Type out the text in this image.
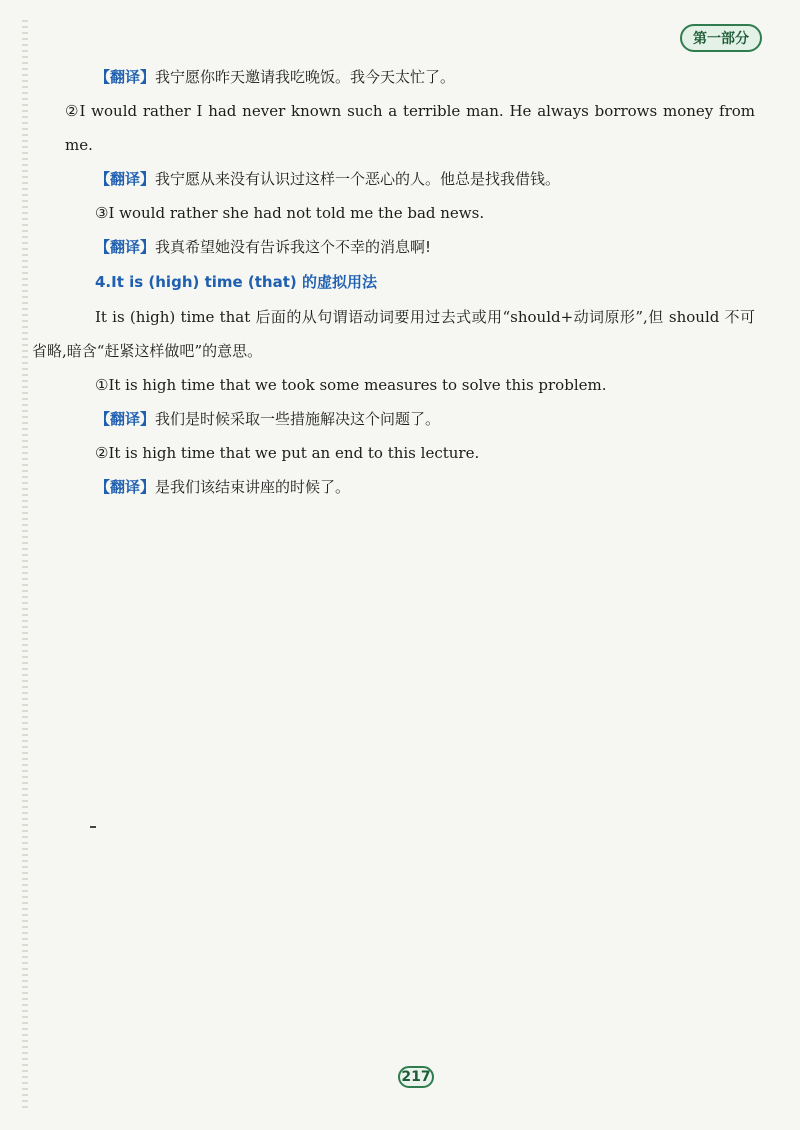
第一部分
【翻译】我宁愿你昨天邀请我吃晚饭。我今天太忙了。
②I would rather I had never known such a terrible man. He always borrows money from me.
【翻译】我宁愿从来没有认识过这样一个恶心的人。他总是找我借钱。
③I would rather she had not told me the bad news.
【翻译】我真希望她没有告诉我这个不幸的消息啊!
4.It is (high) time (that) 的虚拟用法
It is (high) time that 后面的从句谓语动词要用过去式或用“should+动词原形”,但 should 不可省略,暗含“赶紧这样做吧”的意思。
①It is high time that we took some measures to solve this problem.
【翻译】我们是时候采取一些措施解决这个问题了。
②It is high time that we put an end to this lecture.
【翻译】是我们该结束讲座的时候了。
217
